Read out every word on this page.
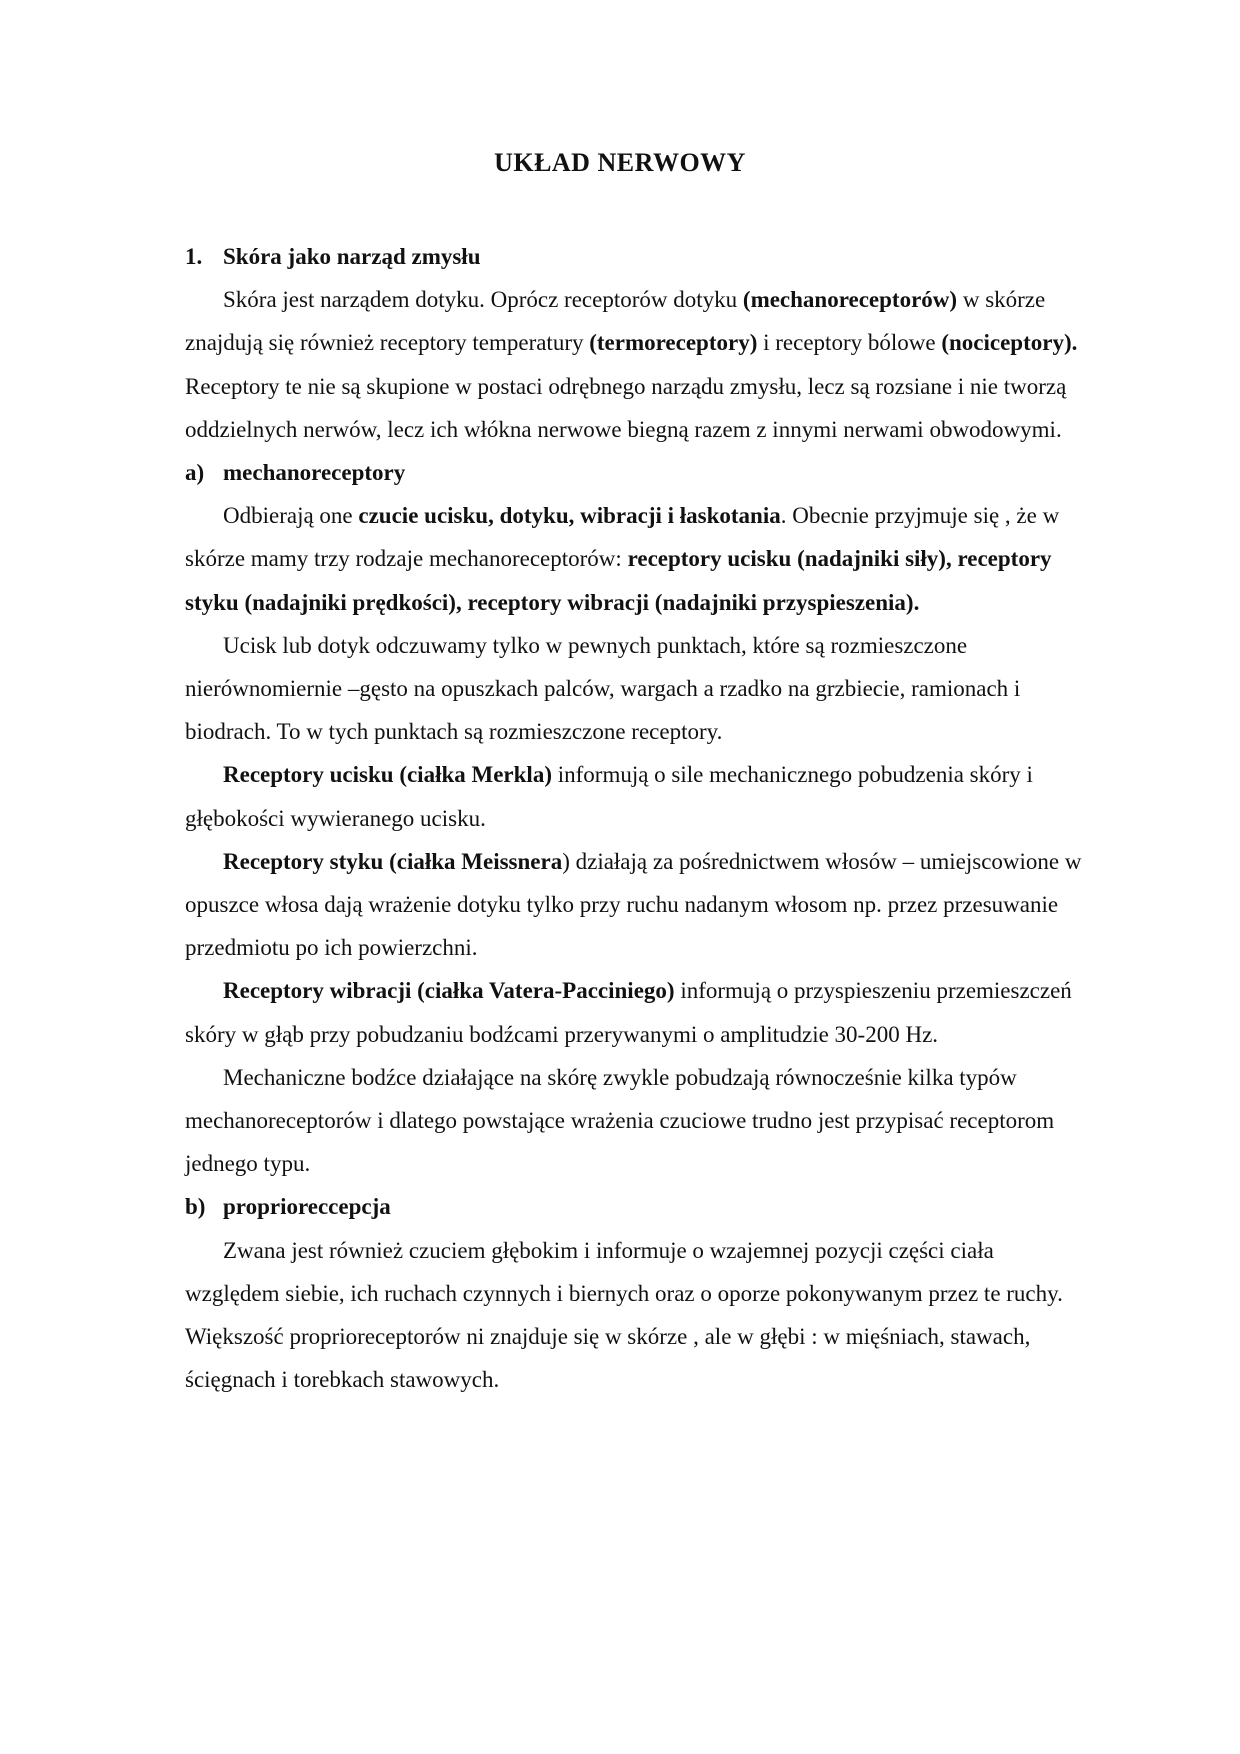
UKŁAD NERWOWY

1. Skóra jako narząd zmysłu

Skóra jest narządem dotyku. Oprócz receptorów dotyku (mechanoreceptorów) w skórze znajdują się również receptory temperatury (termoreceptory) i receptory bólowe (nociceptory). Receptory te nie są skupione w postaci odrębnego narządu zmysłu, lecz są rozsiane i nie tworzą oddzielnych nerwów, lecz ich włókna nerwowe biegną razem z innymi nerwami obwodowymi.

a) mechanoreceptory

Odbierają one czucie ucisku, dotyku, wibracji i łaskotania. Obecnie przyjmuje się , że w skórze mamy trzy rodzaje mechanoreceptorów: receptory ucisku (nadajniki siły), receptory styku (nadajniki prędkości), receptory wibracji (nadajniki przyspieszenia).

Ucisk lub dotyk odczuwamy tylko w pewnych punktach, które są rozmieszczone nierównomiernie –gęsto na opuszkach palców, wargach a rzadko na grzbiecie, ramionach i biodrach. To w tych punktach są rozmieszczone receptory.

Receptory ucisku (ciałka Merkla) informują o sile mechanicznego pobudzenia skóry i głębokości wywieranego ucisku.

Receptory styku (ciałka Meissnera) działają za pośrednictwem włosów – umiejscowione w opuszce włosa dają wrażenie dotyku tylko przy ruchu nadanym włosom np. przez przesuwanie przedmiotu po ich powierzchni.

Receptory wibracji (ciałka Vatera-Pacciniego) informują o przyspieszeniu przemieszczeń skóry w głąb przy pobudzaniu bodźcami przerywanymi o amplitudzie 30-200 Hz.

Mechaniczne bodźce działające na skórę zwykle pobudzają równocześnie kilka typów mechanoreceptorów i dlatego powstające wrażenia czuciowe trudno jest przypisać receptorom jednego typu.

b) proprioreccepcja

Zwana jest również czuciem głębokim i informuje o wzajemnej pozycji części ciała względem siebie, ich ruchach czynnych i biernych oraz o oporze pokonywanym przez te ruchy. Większość proprioreceptorów ni znajduje się w skórze , ale w głębi : w mięśniach, stawach, ścięgnach i torebkach stawowych.
